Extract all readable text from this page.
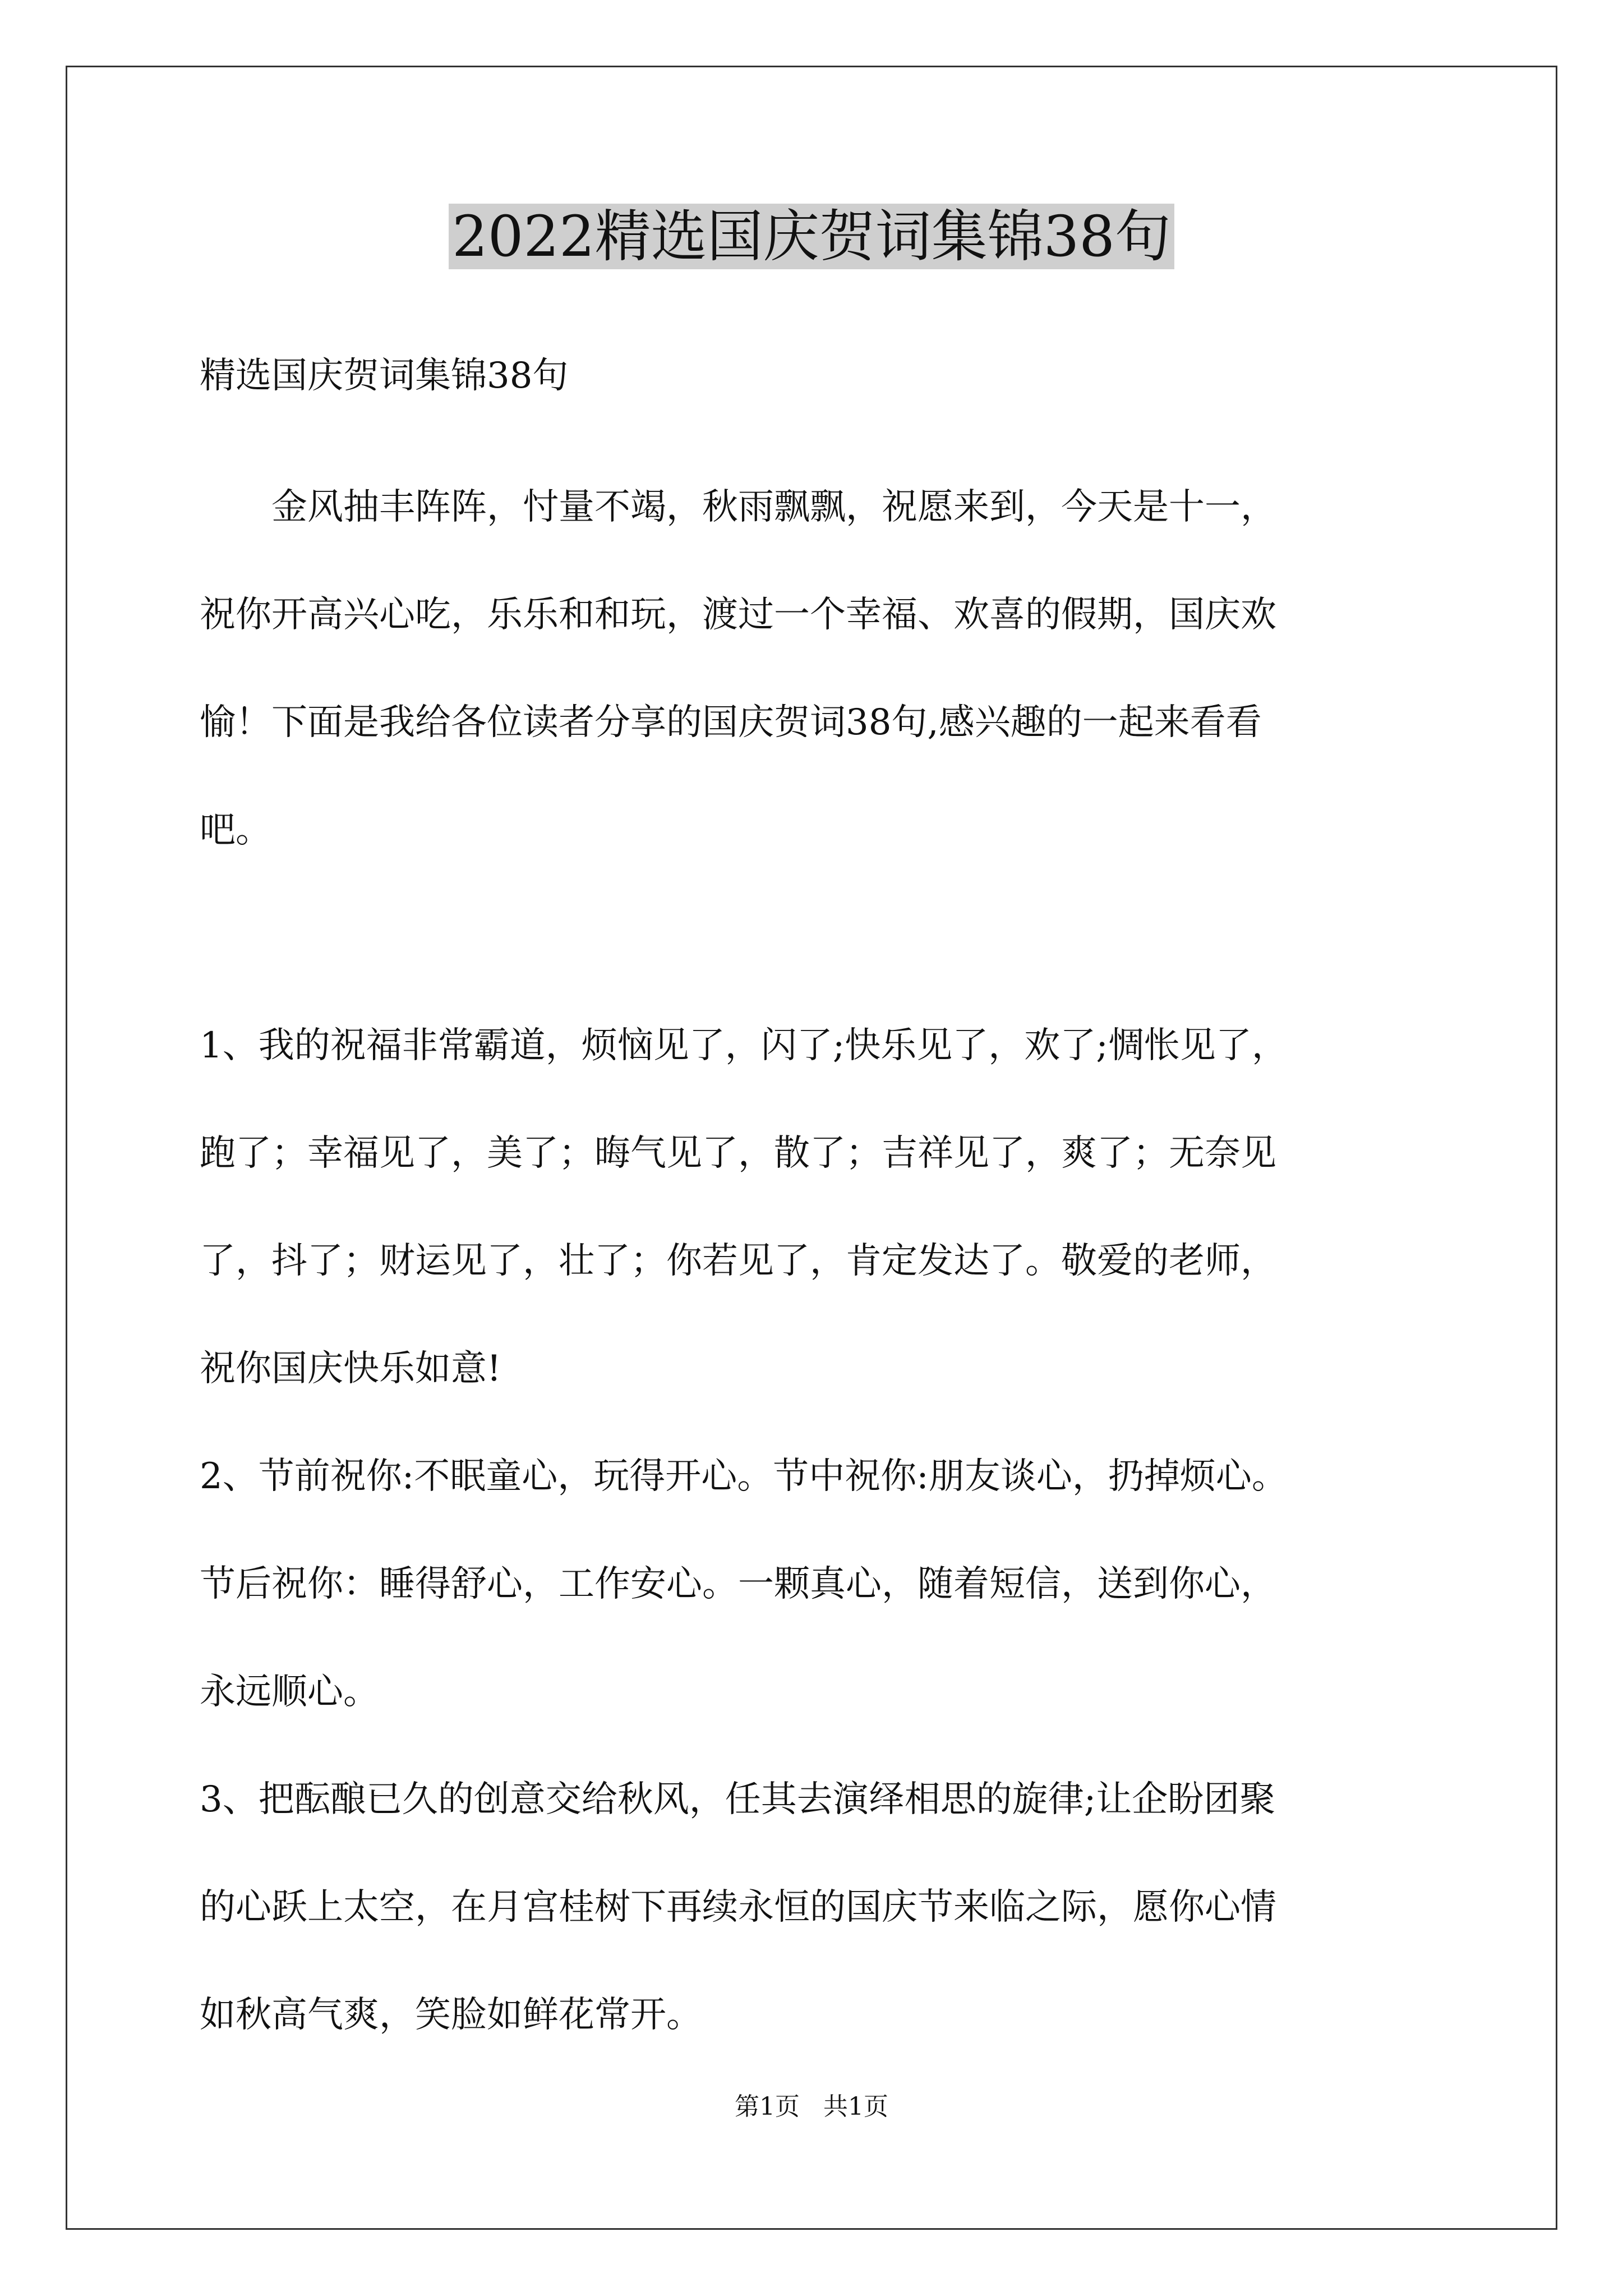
2022精选国庆贺词集锦38句
精选国庆贺词集锦38句
　　金风抽丰阵阵，忖量不竭，秋雨飘飘，祝愿来到，今天是十一，
祝你开高兴心吃，乐乐和和玩，渡过一个幸福、欢喜的假期，国庆欢
愉！下面是我给各位读者分享的国庆贺词38句,感兴趣的一起来看看
吧。
1、我的祝福非常霸道，烦恼见了，闪了;快乐见了，欢了;惆怅见了，
跑了；幸福见了，美了；晦气见了，散了；吉祥见了，爽了；无奈见
了，抖了；财运见了，壮了；你若见了，肯定发达了。敬爱的老师，
祝你国庆快乐如意!
2、节前祝你:不眠童心，玩得开心。节中祝你:朋友谈心，扔掉烦心。
节后祝你：睡得舒心，工作安心。一颗真心，随着短信，送到你心，
永远顺心。
3、把酝酿已久的创意交给秋风，任其去演绎相思的旋律;让企盼团聚
的心跃上太空，在月宫桂树下再续永恒的国庆节来临之际，愿你心情
如秋高气爽，笑脸如鲜花常开。
第1页   共1页
